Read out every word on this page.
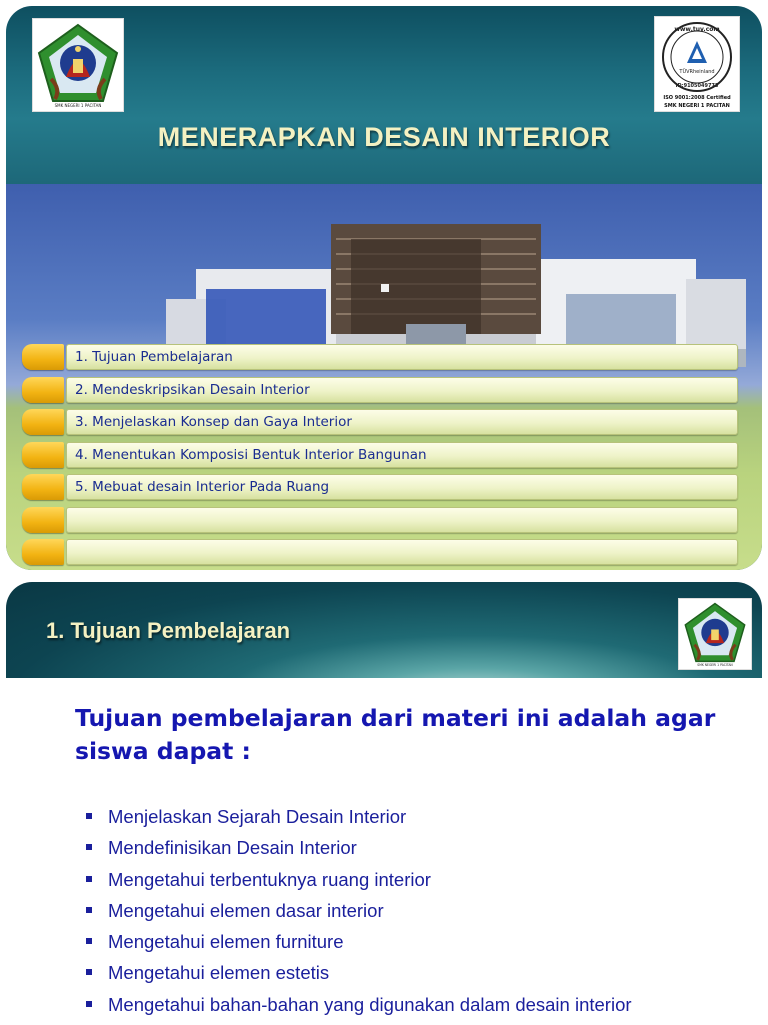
SMK NEGERI 1 PACITAN
www.tuv.com
TÜVRheinland
ID:9105049773
ISO 9001:2008 Certified
SMK NEGERI 1 PACITAN
MENERAPKAN DESAIN INTERIOR
1. Tujuan Pembelajaran
2. Mendeskripsikan Desain Interior
3. Menjelaskan Konsep dan Gaya Interior
4. Menentukan Komposisi Bentuk Interior Bangunan
5. Mebuat desain Interior Pada Ruang
1. Tujuan Pembelajaran
SMK NEGERI 1 PACITAN
Tujuan pembelajaran dari materi ini adalah agar siswa dapat :
Menjelaskan Sejarah Desain Interior
Mendefinisikan Desain Interior
Mengetahui terbentuknya ruang interior
Mengetahui elemen dasar interior
Mengetahui elemen furniture
Mengetahui elemen estetis
Mengetahui bahan-bahan yang digunakan dalam desain interior
